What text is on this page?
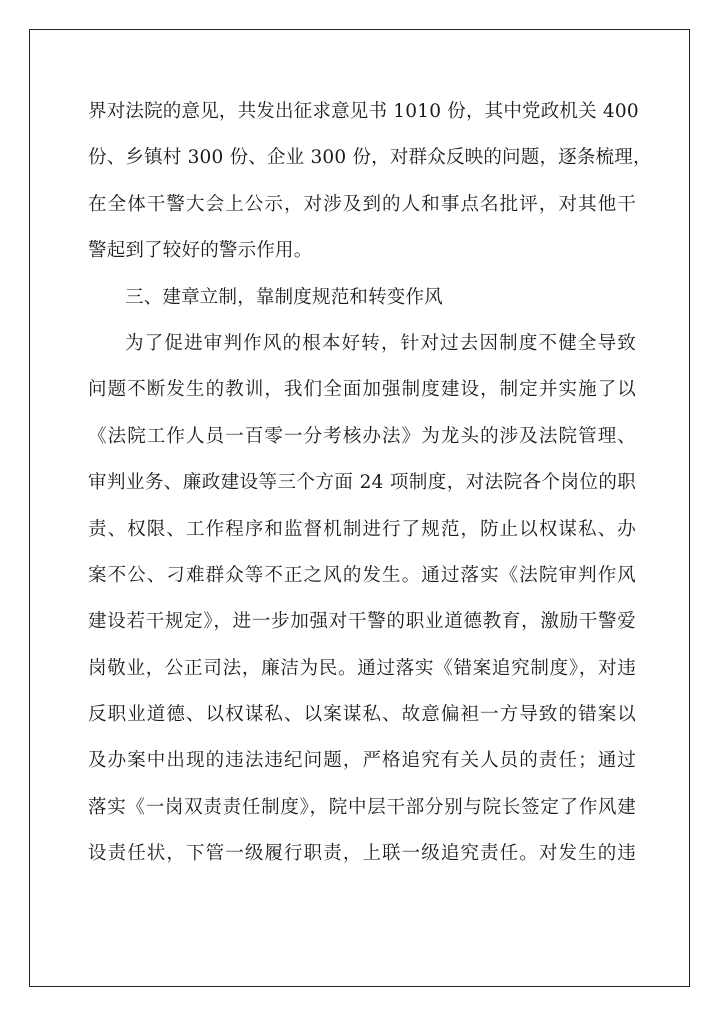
界对法院的意见，共发出征求意见书 1010 份，其中党政机关 400
份、乡镇村 300 份、企业 300 份，对群众反映的问题，逐条梳理，
在全体干警大会上公示，对涉及到的人和事点名批评，对其他干
警起到了较好的警示作用。
三、建章立制，靠制度规范和转变作风
为了促进审判作风的根本好转，针对过去因制度不健全导致
问题不断发生的教训，我们全面加强制度建设，制定并实施了以
《法院工作人员一百零一分考核办法》为龙头的涉及法院管理、
审判业务、廉政建设等三个方面 24 项制度，对法院各个岗位的职
责、权限、工作程序和监督机制进行了规范，防止以权谋私、办
案不公、刁难群众等不正之风的发生。通过落实《法院审判作风
建设若干规定》，进一步加强对干警的职业道德教育，激励干警爱
岗敬业，公正司法，廉洁为民。通过落实《错案追究制度》，对违
反职业道德、以权谋私、以案谋私、故意偏袒一方导致的错案以
及办案中出现的违法违纪问题，严格追究有关人员的责任；通过
落实《一岗双责责任制度》，院中层干部分别与院长签定了作风建
设责任状，下管一级履行职责，上联一级追究责任。对发生的违
